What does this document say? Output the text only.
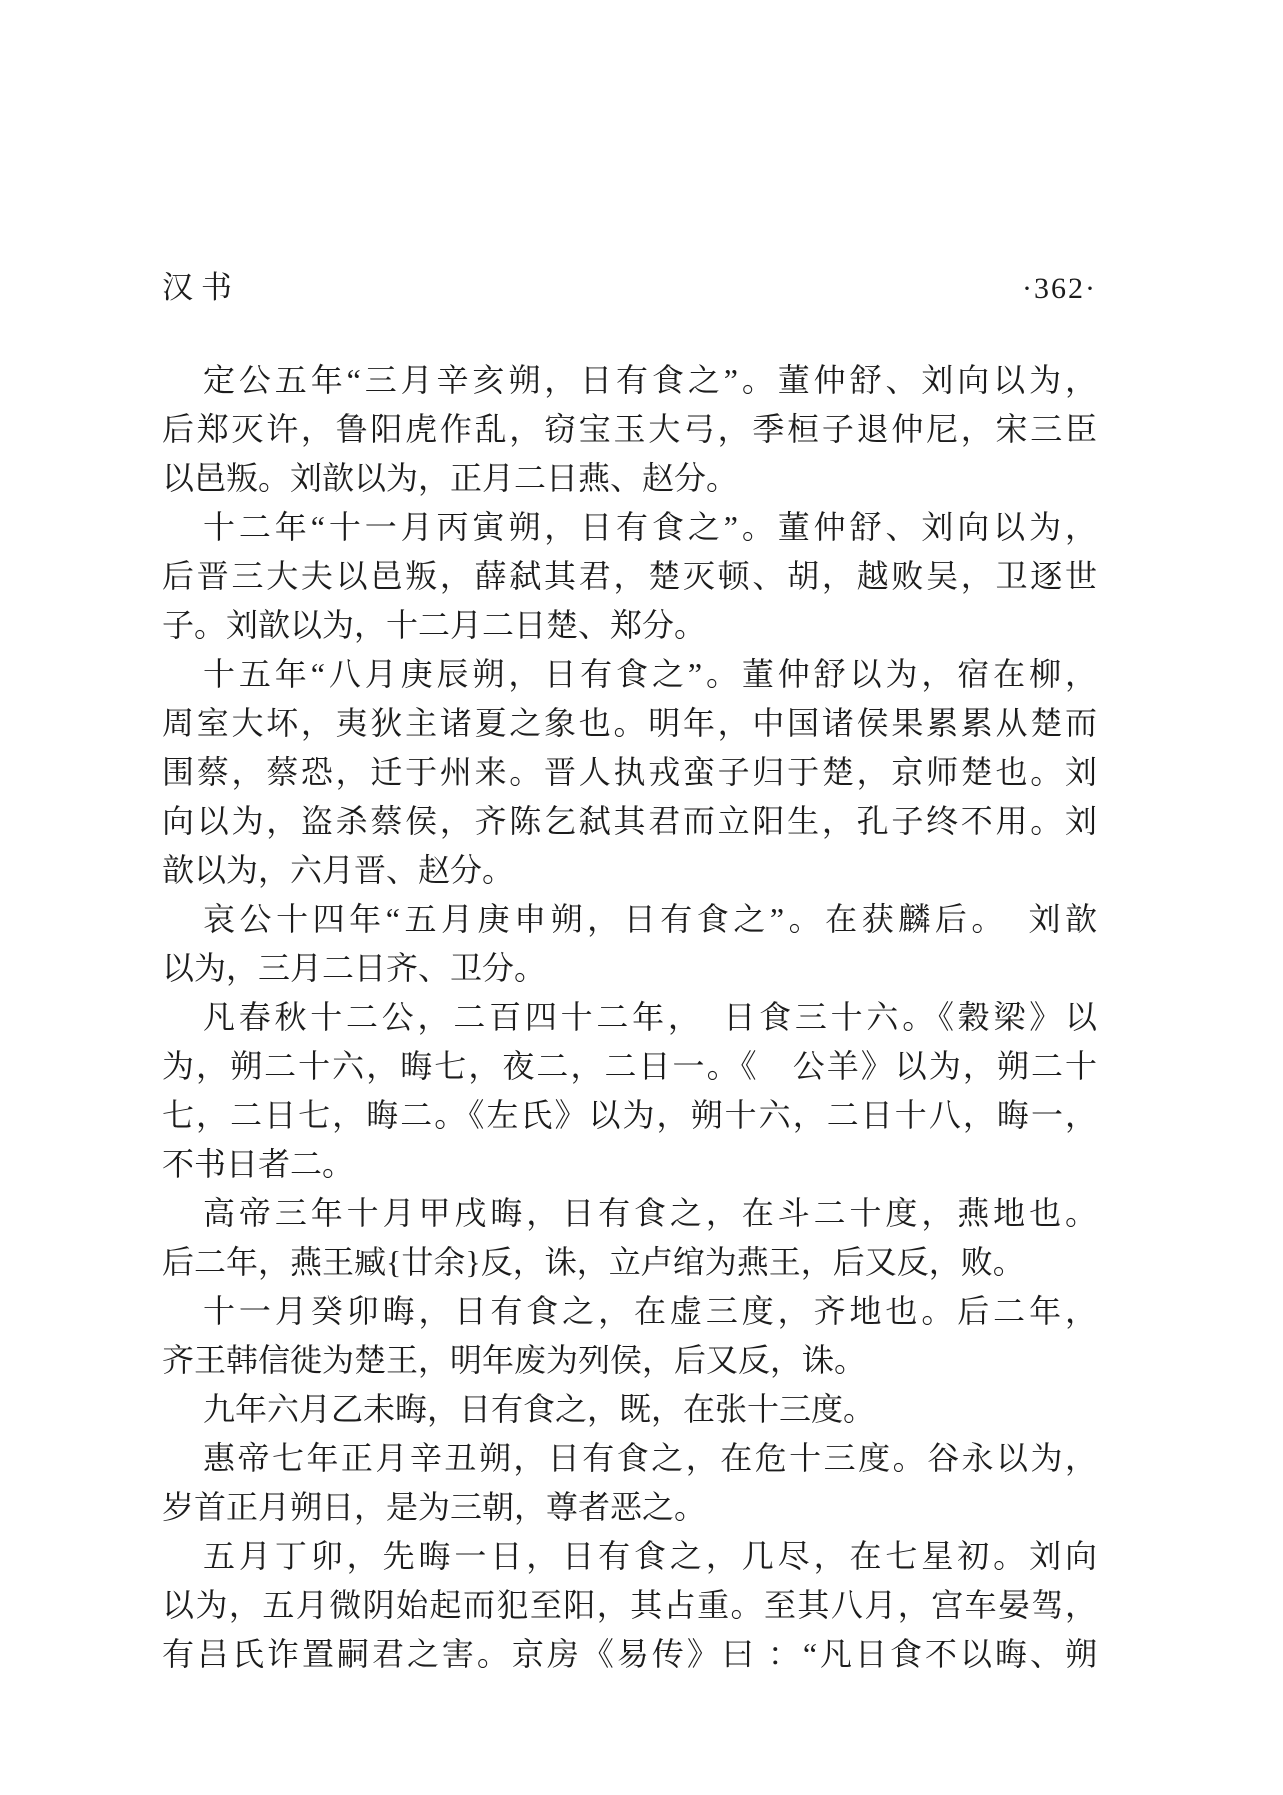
汉书	·362·
定公五年“三月辛亥朔，日有食之”。董仲舒、刘向以为，
后郑灭许，鲁阳虎作乱，窃宝玉大弓，季桓子退仲尼，宋三臣
以邑叛。刘歆以为，正月二日燕、赵分。
十二年“十一月丙寅朔，日有食之”。董仲舒、刘向以为，
后晋三大夫以邑叛，薛弑其君，楚灭顿、胡，越败吴，卫逐世
子。刘歆以为，十二月二日楚、郑分。
十五年“八月庚辰朔，日有食之”。董仲舒以为，宿在柳，
周室大坏，夷狄主诸夏之象也。明年，中国诸侯果累累从楚而
围蔡，蔡恐，迁于州来。晋人执戎蛮子归于楚，京师楚也。刘
向以为，盗杀蔡侯，齐陈乞弑其君而立阳生，孔子终不用。刘
歆以为，六月晋、赵分。
哀公十四年“五月庚申朔，日有食之”。在获麟后。　刘歆
以为，三月二日齐、卫分。
凡春秋十二公，二百四十二年，　日食三十六。《穀梁》以
为，朔二十六，晦七，夜二，二日一。《　公羊》以为，朔二十
七，二日七，晦二。《左氏》以为，朔十六，二日十八，晦一，
不书日者二。
高帝三年十月甲戌晦，日有食之，在斗二十度，燕地也。
后二年，燕王臧{廿余}反，诛，立卢绾为燕王，后又反，败。
十一月癸卯晦，日有食之，在虚三度，齐地也。后二年，
齐王韩信徙为楚王，明年废为列侯，后又反，诛。
九年六月乙未晦，日有食之，既，在张十三度。
惠帝七年正月辛丑朔，日有食之，在危十三度。谷永以为，
岁首正月朔日，是为三朝，尊者恶之。
五月丁卯，先晦一日，日有食之，几尽，在七星初。刘向
以为，五月微阴始起而犯至阳，其占重。至其八月，宫车晏驾，
有吕氏诈置嗣君之害。京房《易传》曰 ：“凡日食不以晦、朔
